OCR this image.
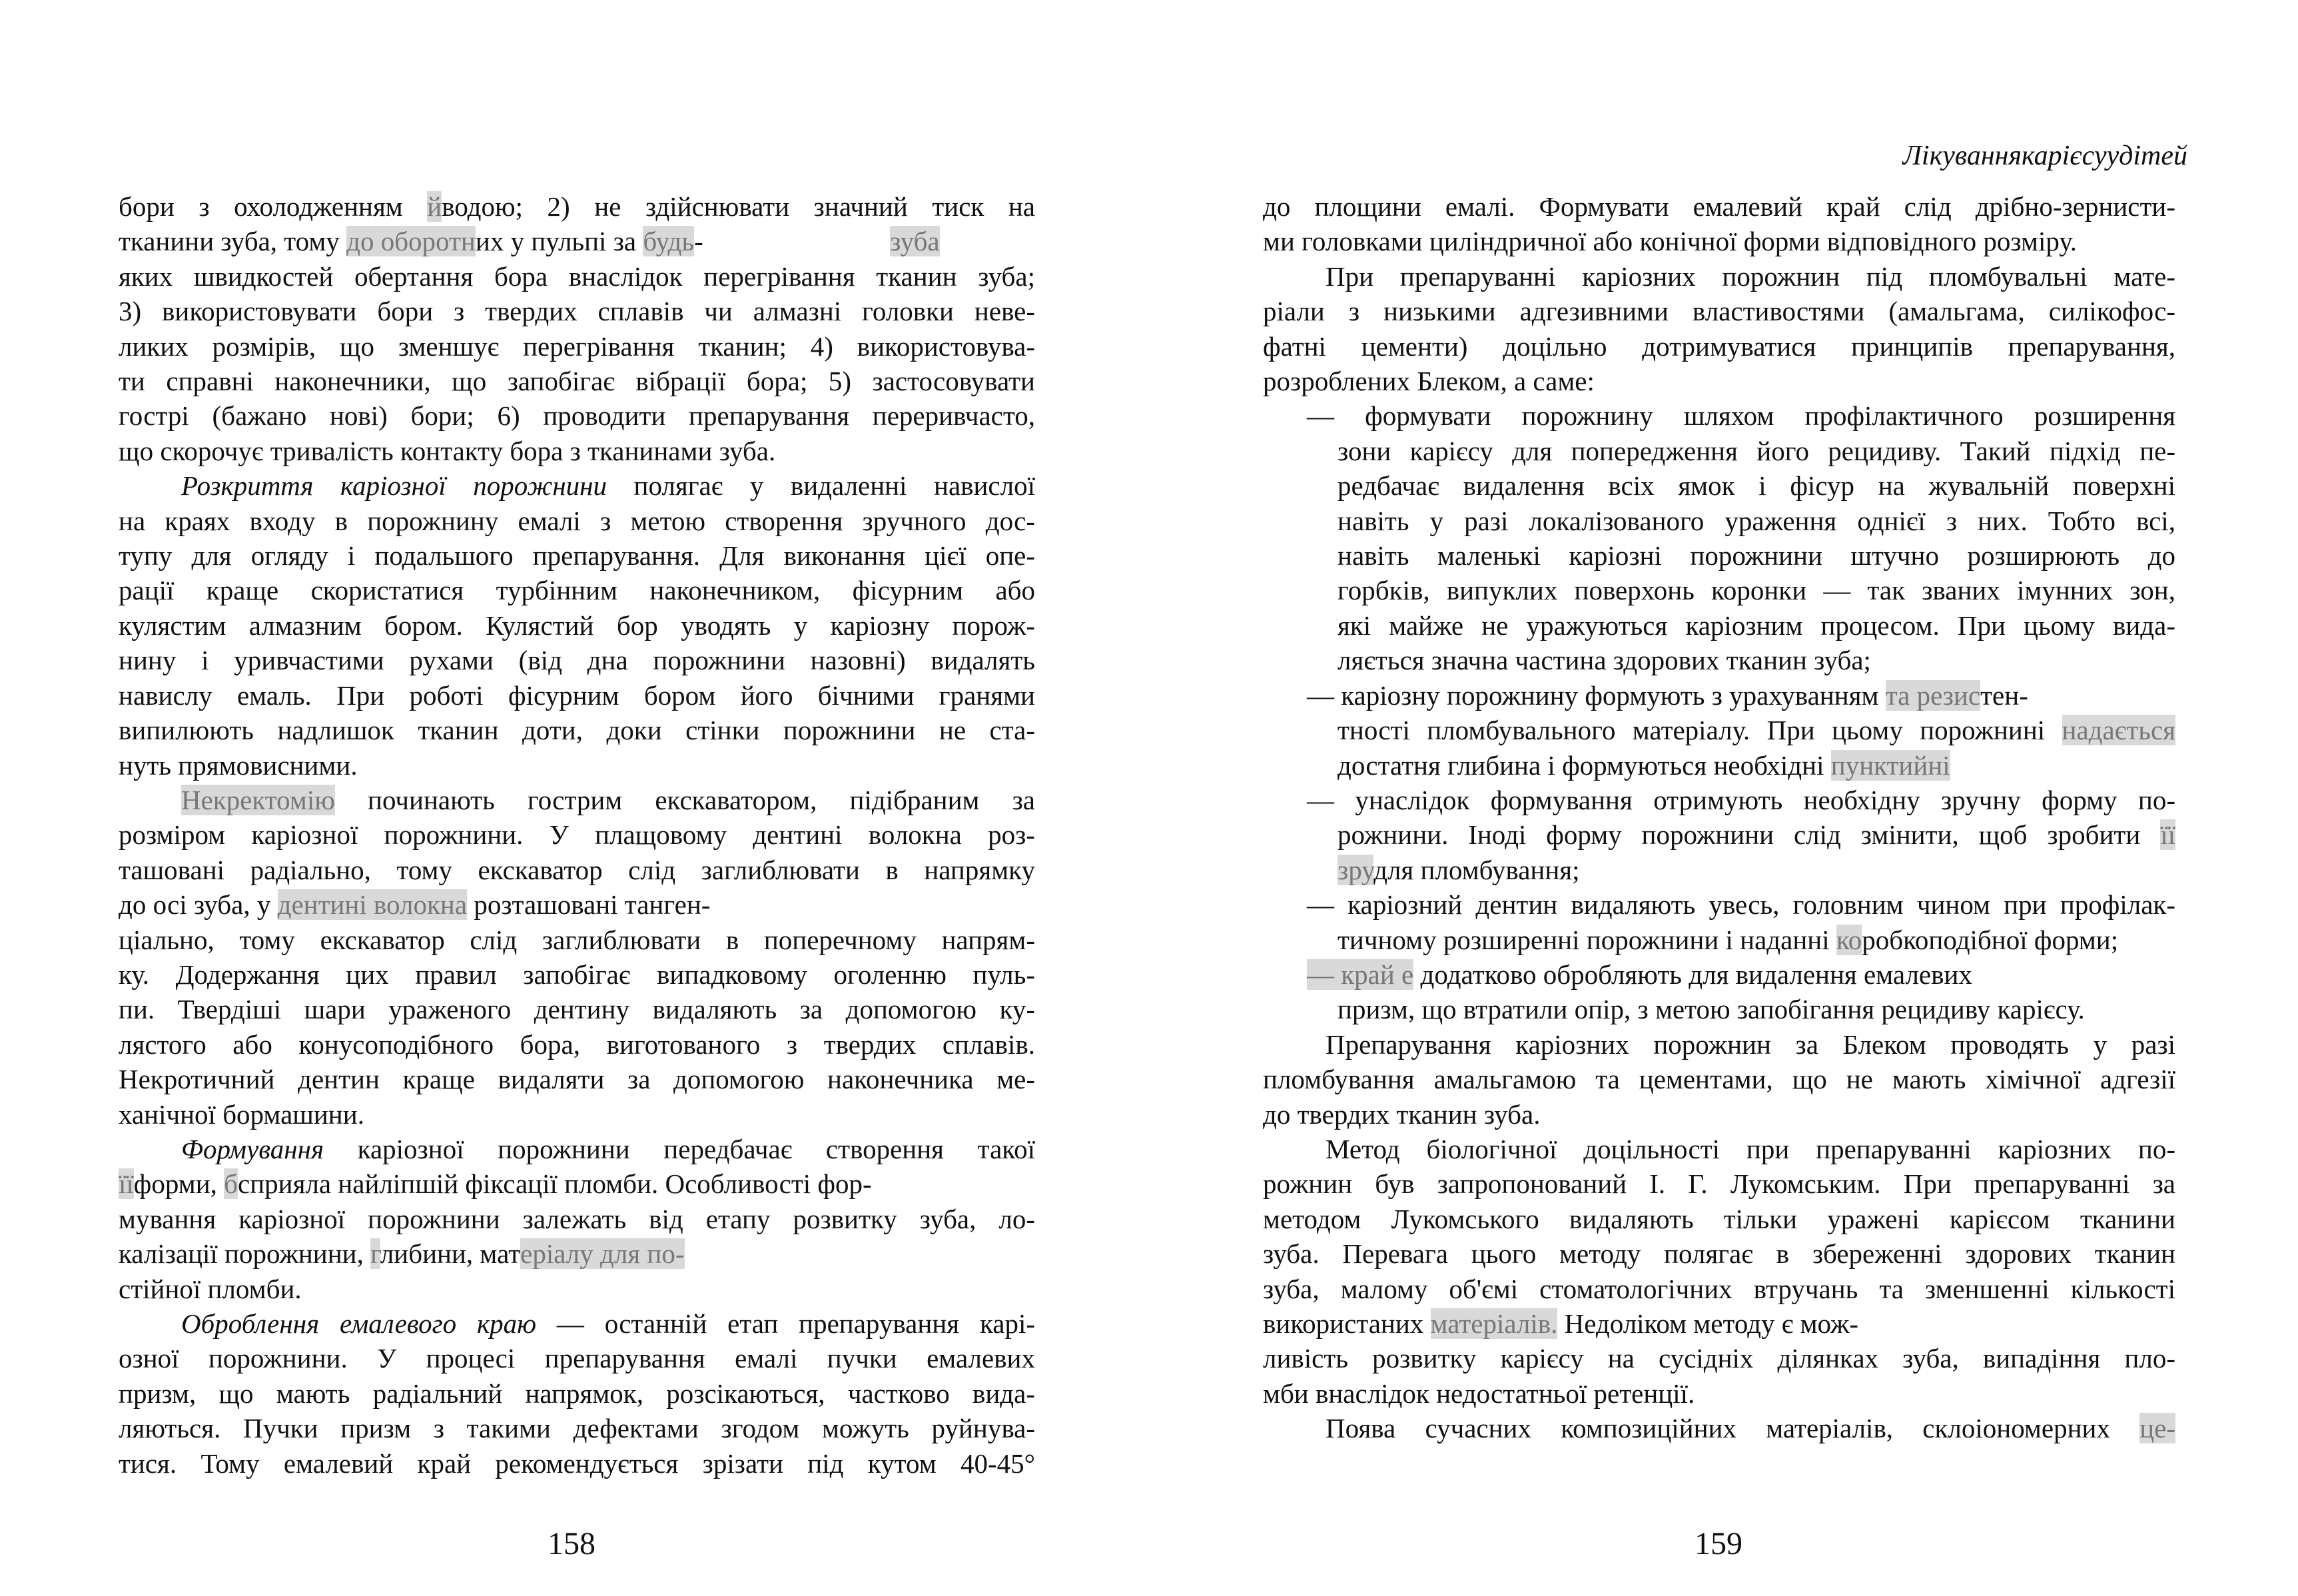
Лікуваннякарієсуудітей
бори з охолодженням йводою; 2) не здійснювати значний тиск на
тканини зуба, тому до оборотних у пульпі за будь-	зуба
яких швидкостей обертання бора внаслідок перегрівання тканин зуба;
3) використовувати бори з твердих сплавів чи алмазні головки неве-
ликих розмірів, що зменшує перегрівання тканин; 4) використовува-
ти справні наконечники, що запобігає вібрації бора; 5) застосовувати
гострі (бажано нові) бори; 6) проводити препарування переривчасто,
що скорочує тривалість контакту бора з тканинами зуба.
Розкриття каріозної порожнини полягає у видаленні навислої
на краях входу в порожнину емалі з метою створення зручного дос-
тупу для огляду і подальшого препарування. Для виконання цієї опе-
рації краще скористатися турбінним наконечником, фісурним або
кулястим алмазним бором. Кулястий бор уводять у каріозну порож-
нину і уривчастими рухами (від дна порожнини назовні) видалять
навислу емаль. При роботі фісурним бором його бічними гранями
випилюють надлишок тканин доти, доки стінки порожнини не ста-
нуть прямовисними.
Некректомію починають гострим екскаватором, підібраним за
розміром каріозної порожнини. У плащовому дентині волокна роз-
ташовані радіально, тому екскаватор слід заглиблювати в напрямку
до осі зуба, у дентині волокна розташовані танген-
ціально, тому екскаватор слід заглиблювати в поперечному напрям-
ку. Додержання цих правил запобігає випадковому оголенню пуль-
пи. Твердіші шари ураженого дентину видаляють за допомогою ку-
лястого або конусоподібного бора, виготованого з твердих сплавів.
Некротичний дентин краще видаляти за допомогою наконечника ме-
ханічної бормашини.
Формування каріозної порожнини передбачає створення такої
їїформи, бсприяла найліпшій фіксації пломби. Особливості фор-
мування каріозної порожнини залежать від етапу розвитку зуба, ло-
калізації порожнини, глибини, матеріалу для по-
стійної пломби.
Оброблення емалевого краю — останній етап препарування карі-
озної порожнини. У процесі препарування емалі пучки емалевих
призм, що мають радіальний напрямок, розсікаються, частково вида-
ляються. Пучки призм з такими дефектами згодом можуть руйнува-
тися. Тому емалевий край рекомендується зрізати під кутом 40-45°
до площини емалі. Формувати емалевий край слід дрібно-зернисти-
ми головками циліндричної або конічної форми відповідного розміру.
При препаруванні каріозних порожнин під пломбувальні мате-
ріали з низькими адгезивними властивостями (амальгама, силікофос-
фатні цементи) доцільно дотримуватися принципів препарування,
розроблених Блеком, а саме:
— формувати порожнину шляхом профілактичного розширення
зони карієсу для попередження його рецидиву. Такий підхід пе-
редбачає видалення всіх ямок і фісур на жувальній поверхні
навіть у разі локалізованого ураження однієї з них. Тобто всі,
навіть маленькі каріозні порожнини штучно розширюють до
горбків, випуклих поверхонь коронки — так званих імунних зон,
які майже не уражуються каріозним процесом. При цьому вида-
ляється значна частина здорових тканин зуба;
— каріозну порожнину формують з урахуванням та резистен-
тності пломбувального матеріалу. При цьому порожнині надається
достатня глибина і формуються необхідні пунктийні
— унаслідок формування отримують необхідну зручну форму по-
рожнини. Іноді форму порожнини слід змінити, щоб зробити її
зрудля пломбування;
— каріозний дентин видаляють увесь, головним чином при профілак-
тичному розширенні порожнини і наданні коробкоподібної форми;
— край е додатково обробляють для видалення емалевих
призм, що втратили опір, з метою запобігання рецидиву карієсу.
Препарування каріозних порожнин за Блеком проводять у разі
пломбування амальгамою та цементами, що не мають хімічної адгезії
до твердих тканин зуба.
Метод біологічної доцільності при препаруванні каріозних по-
рожнин був запропонований І. Г. Лукомським. При препаруванні за
методом Лукомського видаляють тільки уражені карієсом тканини
зуба. Перевага цього методу полягає в збереженні здорових тканин
зуба, малому об'ємі стоматологічних втручань та зменшенні кількості
використаних матеріалів. Недоліком методу є мож-
ливість розвитку карієсу на сусідніх ділянках зуба, випадіння пло-
мби внаслідок недостатньої ретенції.
Поява сучасних композиційних матеріалів, склоіономерних це-
158	159
